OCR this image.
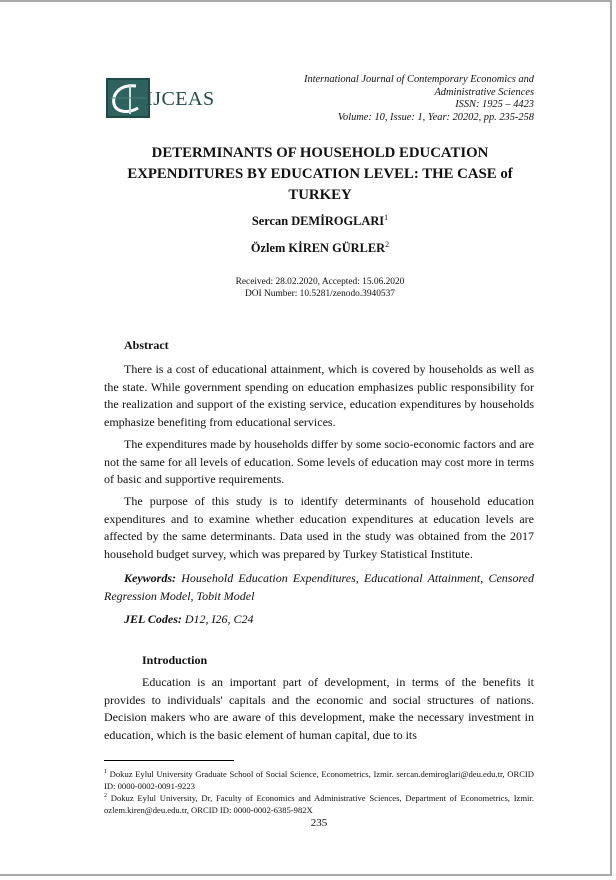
IJCEAS
International Journal of Contemporary Economics and
Administrative Sciences
ISSN: 1925 – 4423
Volume: 10, Issue: 1, Year: 20202, pp. 235-258
DETERMINANTS OF HOUSEHOLD EDUCATION
EXPENDITURES BY EDUCATION LEVEL: THE CASE of
TURKEY
Sercan DEMİROGLARI$^1$
Özlem KİREN GÜRLER$^2$
Received: 28.02.2020, Accepted: 15.06.2020
DOI Number: 10.5281/zenodo.3940537
Abstract

There is a cost of educational attainment, which is covered by households as well as the state. While government spending on education emphasizes public responsibility for the realization and support of the existing service, education expenditures by households emphasize benefiting from educational services.

The expenditures made by households differ by some socio-economic factors and are not the same for all levels of education. Some levels of education may cost more in terms of basic and supportive requirements.

The purpose of this study is to identify determinants of household education expenditures and to examine whether education expenditures at education levels are affected by the same determinants. Data used in the study was obtained from the 2017 household budget survey, which was prepared by Turkey Statistical Institute.

Keywords: Household Education Expenditures, Educational Attainment, Censored Regression Model, Tobit Model

JEL Codes: D12, I26, C24
Introduction

Education is an important part of development, in terms of the benefits it provides to individuals' capitals and the economic and social structures of nations. Decision makers who are aware of this development, make the necessary investment in education, which is the basic element of human capital, due to its

$^1$ Dokuz Eylul University Graduate School of Social Science, Econometrics, Izmir. sercan.demiroglari@deu.edu.tr, ORCID ID: 0000-0002-0091-9223

$^2$ Dokuz Eylul University, Dr, Faculty of Economics and Administrative Sciences, Department of Econometrics, Izmir. ozlem.kiren@deu.edu.tr, ORCID ID: 0000-0002-6385-982X

235
